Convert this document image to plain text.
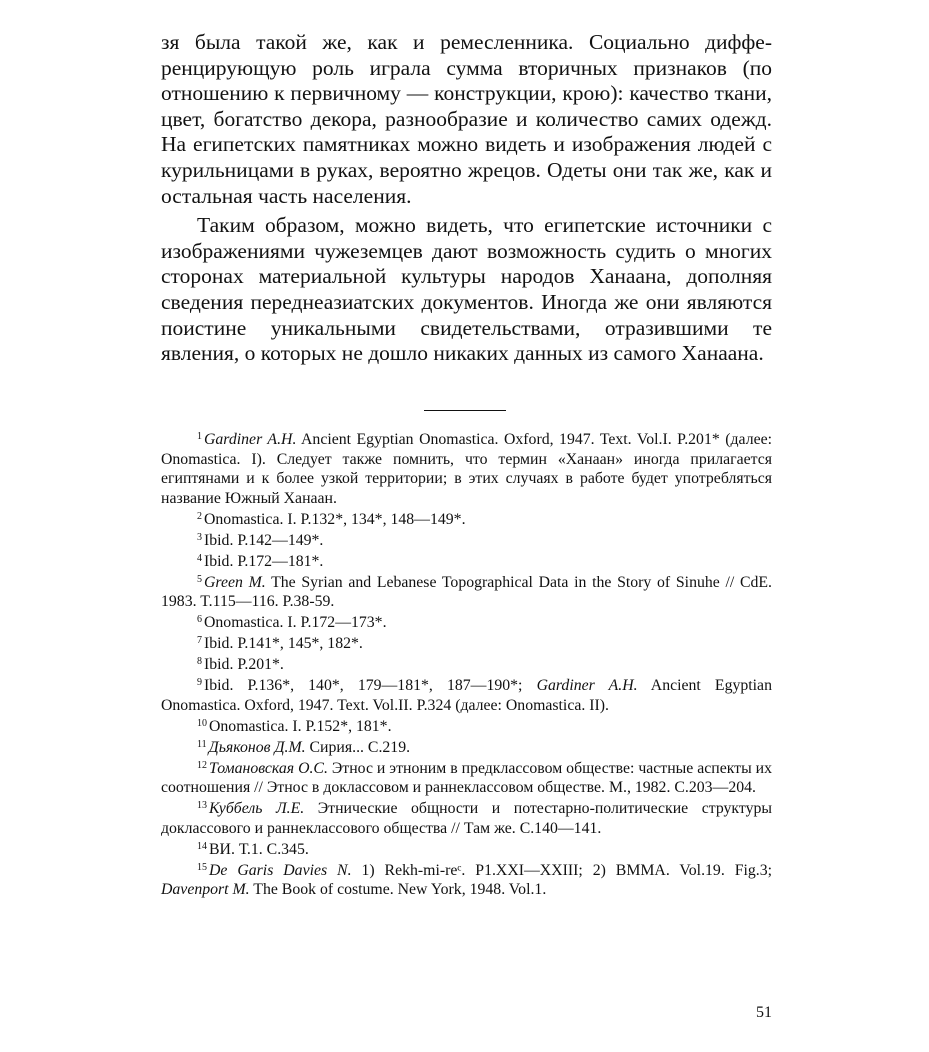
зя была такой же, как и ремесленника. Социально дифференцирующую роль играла сумма вторичных признаков (по отношению к первичному — конструкции, крою): качество ткани, цвет, богатство декора, разнообразие и количество самих одежд. На египетских памятниках можно видеть и изображения людей с курильницами в руках, вероятно жрецов. Одеты они так же, как и остальная часть населения.

Таким образом, можно видеть, что египетские источники с изображениями чужеземцев дают возможность судить о многих сторонах материальной культуры народов Ханаана, дополняя сведения переднеазиатских документов. Иногда же они являются поистине уникальными свидетельствами, отразившими те явления, о которых не дошло никаких данных из самого Ханаана.

$^1$ Gardiner A.H. Ancient Egyptian Onomastica. Oxford, 1947. Text. Vol.I. P.201* (далее: Onomastica. I). Следует также помнить, что термин «Ханаан» иногда прилагается египтянами и к более узкой территории; в этих случаях в работе будет употребляться название Южный Ханаан.

$^2$ Onomastica. I. P.132*, 134*, 148—149*.

$^3$ Ibid. P.142—149*.

$^4$ Ibid. P.172—181*.

$^5$ Green M. The Syrian and Lebanese Topographical Data in the Story of Sinuhe // CdE. 1983. T.115—116. P.38-59.

$^6$ Onomastica. I. P.172—173*.

$^7$ Ibid. P.141*, 145*, 182*.

$^8$ Ibid. P.201*.

$^9$ Ibid. P.136*, 140*, 179—181*, 187—190*; Gardiner A.H. Ancient Egyptian Onomastica. Oxford, 1947. Text. Vol.II. P.324 (далее: Onomastica. II).

$^{10}$ Onomastica. I. P.152*, 181*.

$^{11}$ Дьяконов Д.М. Сирия... С.219.

$^{12}$ Томановская О.С. Этнос и этноним в предклассовом обществе: частные аспекты их соотношения // Этнос в доклассовом и раннеклассовом обществе. М., 1982. С.203—204.

$^{13}$ Куббель Л.Е. Этнические общности и потестарно-политические структуры доклассового и раннеклассового общества // Там же. С.140—141.

$^{14}$ ВИ. Т.1. С.345.

$^{15}$ De Garis Davies N. 1) Rekh-mi-reᶜ. P1.XXI—XXIII; 2) BMMA. Vol.19. Fig.3; Davenport M. The Book of costume. New York, 1948. Vol.1.

51
